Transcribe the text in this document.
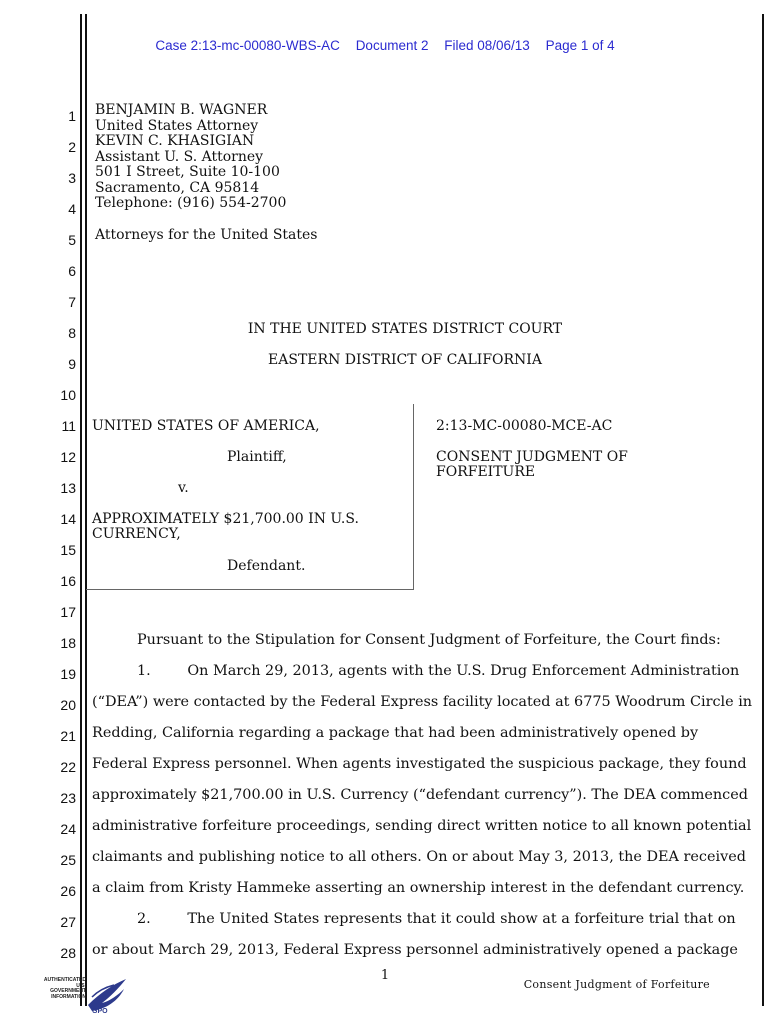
Case 2:13-mc-00080-WBS-AC Document 2 Filed 08/06/13 Page 1 of 4
1
2
3
4
5
6
7
8
9
10
11
12
13
14
15
16
17
18
19
20
21
22
23
24
25
26
27
28
BENJAMIN B. WAGNER
United States Attorney
KEVIN C. KHASIGIAN
Assistant U. S. Attorney
501 I Street, Suite 10-100
Sacramento, CA 95814
Telephone: (916) 554-2700
Attorneys for the United States
IN THE UNITED STATES DISTRICT COURT
EASTERN DISTRICT OF CALIFORNIA
UNITED STATES OF AMERICA,
Plaintiff,
v.
APPROXIMATELY $21,700.00 IN U.S.
CURRENCY,
Defendant.
2:13-MC-00080-MCE-AC
CONSENT JUDGMENT OF
FORFEITURE
Pursuant to the Stipulation for Consent Judgment of Forfeiture, the Court finds:
1.        On March 29, 2013, agents with the U.S. Drug Enforcement Administration
(“DEA”) were contacted by the Federal Express facility located at 6775 Woodrum Circle in
Redding, California regarding a package that had been administratively opened by
Federal Express personnel. When agents investigated the suspicious package, they found
approximately $21,700.00 in U.S. Currency (“defendant currency”). The DEA commenced
administrative forfeiture proceedings, sending direct written notice to all known potential
claimants and publishing notice to all others. On or about May 3, 2013, the DEA received
a claim from Kristy Hammeke asserting an ownership interest in the defendant currency.
2.        The United States represents that it could show at a forfeiture trial that on
or about March 29, 2013, Federal Express personnel administratively opened a package
1
Consent Judgment of Forfeiture
AUTHENTICATED
U.S. GOVERNMENT
INFORMATION
GPO
